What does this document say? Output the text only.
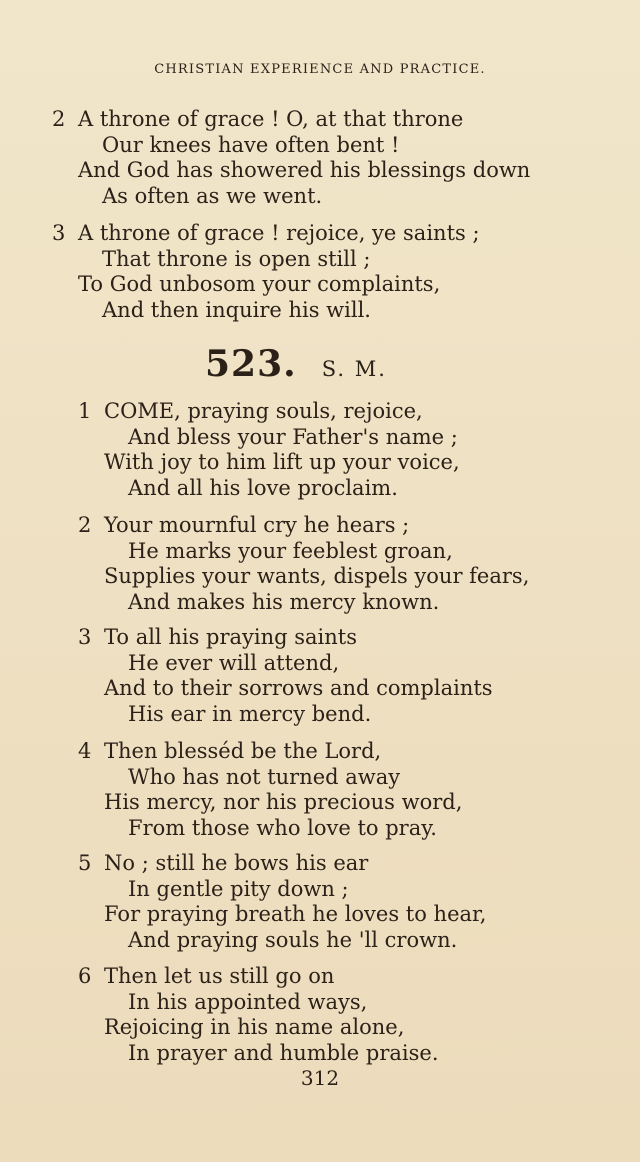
CHRISTIAN EXPERIENCE AND PRACTICE.
2 A throne of grace ! O, at that throne
Our knees have often bent !
And God has showered his blessings down
As often as we went.
3 A throne of grace ! rejoice, ye saints ;
That throne is open still ;
To God unbosom your complaints,
And then inquire his will.
523. S. M.
1 COME, praying souls, rejoice,
And bless your Father's name ;
With joy to him lift up your voice,
And all his love proclaim.
2 Your mournful cry he hears ;
He marks your feeblest groan,
Supplies your wants, dispels your fears,
And makes his mercy known.
3 To all his praying saints
He ever will attend,
And to their sorrows and complaints
His ear in mercy bend.
4 Then blesséd be the Lord,
Who has not turned away
His mercy, nor his precious word,
From those who love to pray.
5 No ; still he bows his ear
In gentle pity down ;
For praying breath he loves to hear,
And praying souls he 'll crown.
6 Then let us still go on
In his appointed ways,
Rejoicing in his name alone,
In prayer and humble praise.
312
